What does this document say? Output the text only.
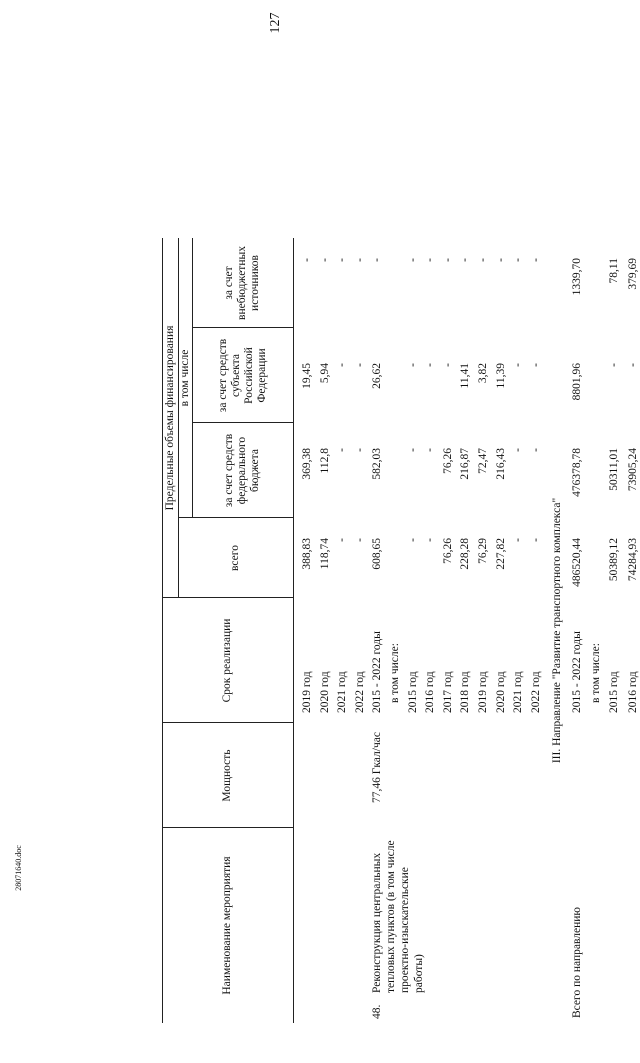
127
28071640.doc	Наименование мероприятия
Мощность
Срок реализации
Предельные объемы финансирования
всего
в том числе
за счет средств федерального бюджета
за счет средств субъекта Российской Федерации
за счет внебюджетных источников
2019 год
388,83
369,38
19,45
-
2020 год
118,74
112,8
5,94
-
2021 год
-
-
-
-
2022 год
-
-
-
-
2015 - 2022 годы
608,65
582,03
26,62
-
48.
Реконструкция центральных тепловых пунктов (в том числе проектно-изыскательские работы)
77,46 Гкал/час
в том числе: 2015 год
-
-
-
-
2016 год
-
-
-
-
2017 год
76,26
76,26
-
-
2018 год
228,28
216,87
11,41
-
2019 год
76,29
72,47
3,82
-
2020 год
227,82
216,43
11,39
-
2021 год
-
-
-
-
2022 год
-
-
-
-
III. Направление "Развитие транспортного комплекса" 2015 - 2022 годы
486520,44
476378,78
8801,96
1339,70
Всего по направлению
в том числе: 2015 год
50389,12
50311,01
-
78,11
2016 год
74284,93
73905,24
-
379,69
